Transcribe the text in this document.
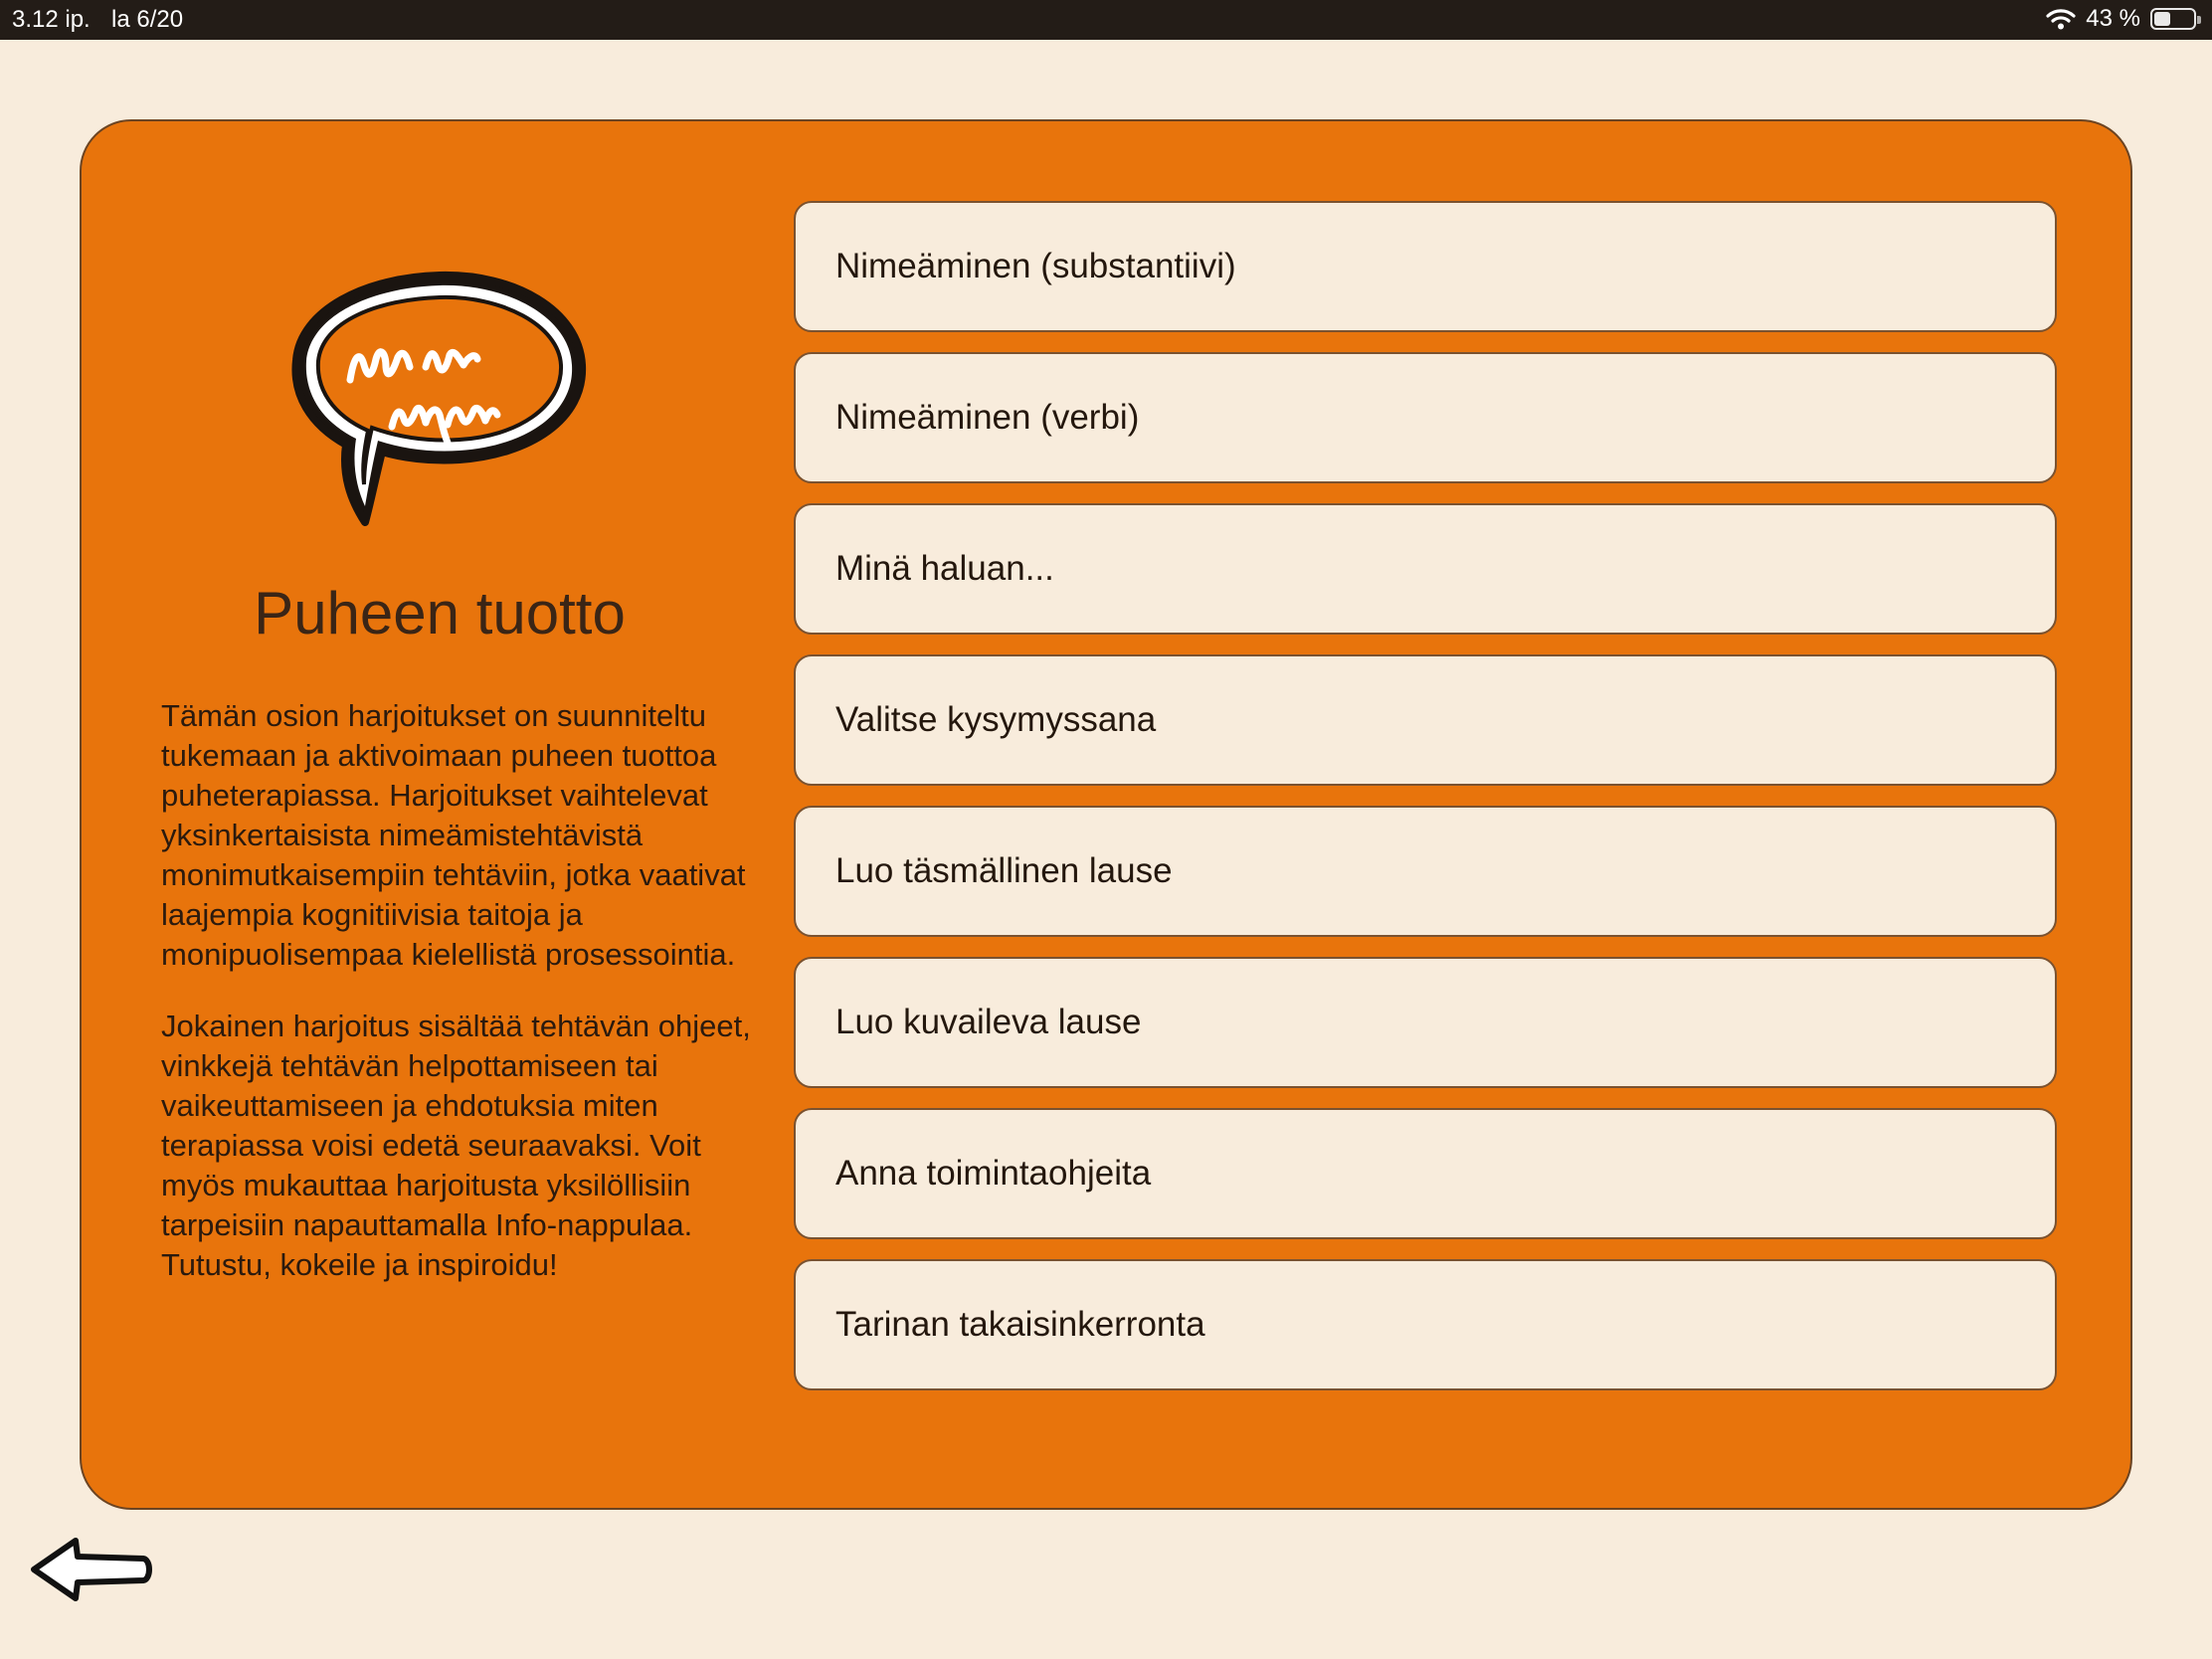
3.12 ip. la 6/20	43 %
Puheen tuotto

Tämän osion harjoitukset on suunniteltu tukemaan ja aktivoimaan puheen tuottoa puheterapiassa. Harjoitukset vaihtelevat yksinkertaisista nimeämistehtävistä monimutkaisempiin tehtäviin, jotka vaativat laajempia kognitiivisia taitoja ja monipuolisempaa kielellistä prosessointia.

Jokainen harjoitus sisältää tehtävän ohjeet, vinkkejä tehtävän helpottamiseen tai vaikeuttamiseen ja ehdotuksia miten terapiassa voisi edetä seuraavaksi. Voit myös mukauttaa harjoitusta yksilöllisiin tarpeisiin napauttamalla Info-nappulaa. Tutustu, kokeile ja inspiroidu!

Nimeäminen (substantiivi)
Nimeäminen (verbi)
Minä haluan...
Valitse kysymyssana
Luo täsmällinen lause
Luo kuvaileva lause
Anna toimintaohjeita
Tarinan takaisinkerronta
